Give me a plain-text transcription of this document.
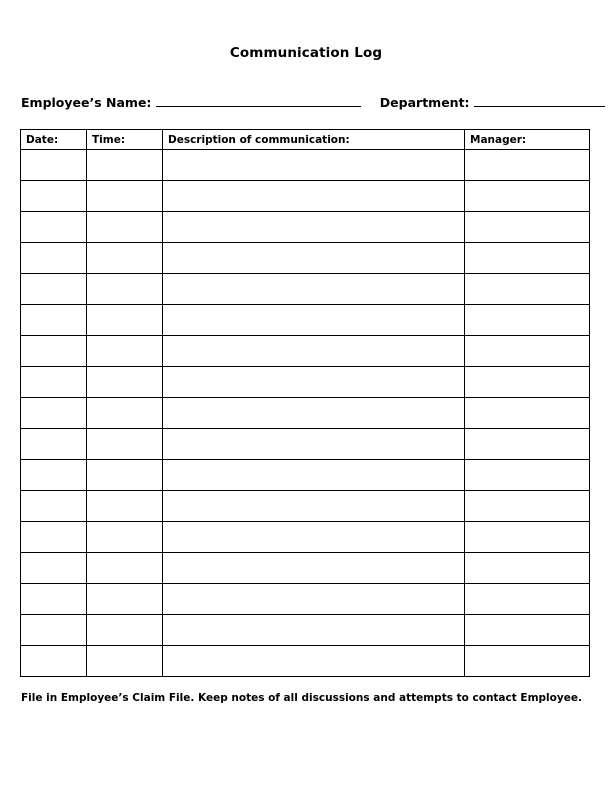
Communication Log
Employee’s Name:	Department:
Date:	Time:	Description of communication:	Manager:

File in Employee’s Claim File. Keep notes of all discussions and attempts to contact Employee.
